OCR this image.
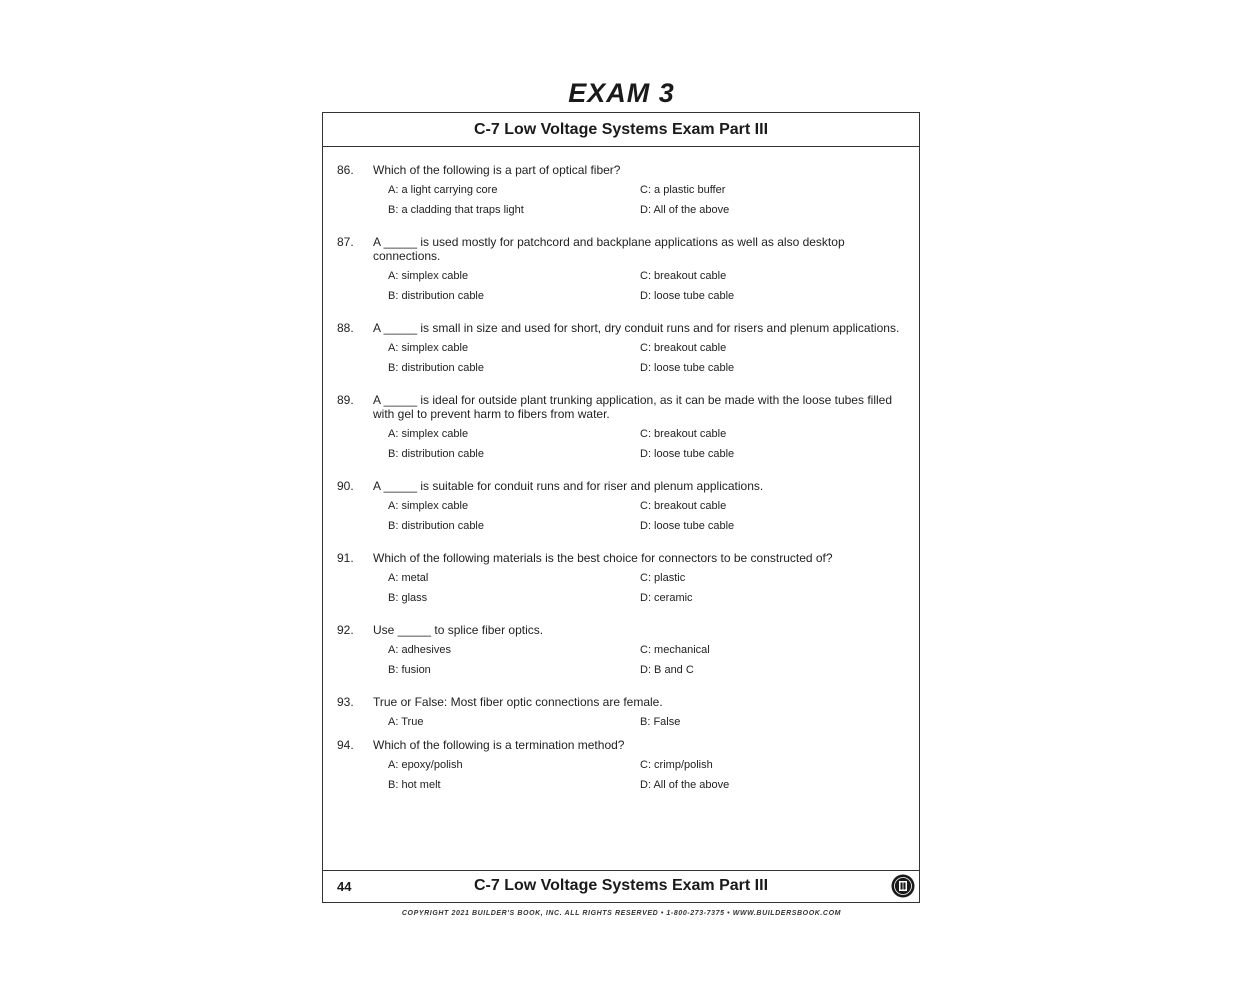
EXAM 3
C-7 Low Voltage Systems Exam Part III
86. Which of the following is a part of optical fiber?
A: a light carrying core	C: a plastic buffer
B: a cladding that traps light	D: All of the above
87. A _____ is used mostly for patchcord and backplane applications as well as also desktop connections.
A: simplex cable	C: breakout cable
B: distribution cable	D: loose tube cable
88. A _____ is small in size and used for short, dry conduit runs and for risers and plenum applications.
A: simplex cable	C: breakout cable
B: distribution cable	D: loose tube cable
89. A _____ is ideal for outside plant trunking application, as it can be made with the loose tubes filled with gel to prevent harm to fibers from water.
A: simplex cable	C: breakout cable
B: distribution cable	D: loose tube cable
90. A _____ is suitable for conduit runs and for riser and plenum applications.
A: simplex cable	C: breakout cable
B: distribution cable	D: loose tube cable
91. Which of the following materials is the best choice for connectors to be constructed of?
A: metal	C: plastic
B: glass	D: ceramic
92. Use _____ to splice fiber optics.
A: adhesives	C: mechanical
B: fusion	D: B and C
93. True or False: Most fiber optic connections are female.
A: True	B: False
94. Which of the following is a termination method?
A: epoxy/polish	C: crimp/polish
B: hot melt	D: All of the above
44	C-7 Low Voltage Systems Exam Part III
COPYRIGHT 2021 BUILDER'S BOOK, INC. ALL RIGHTS RESERVED • 1-800-273-7375 • WWW.BUILDERSBOOK.COM
